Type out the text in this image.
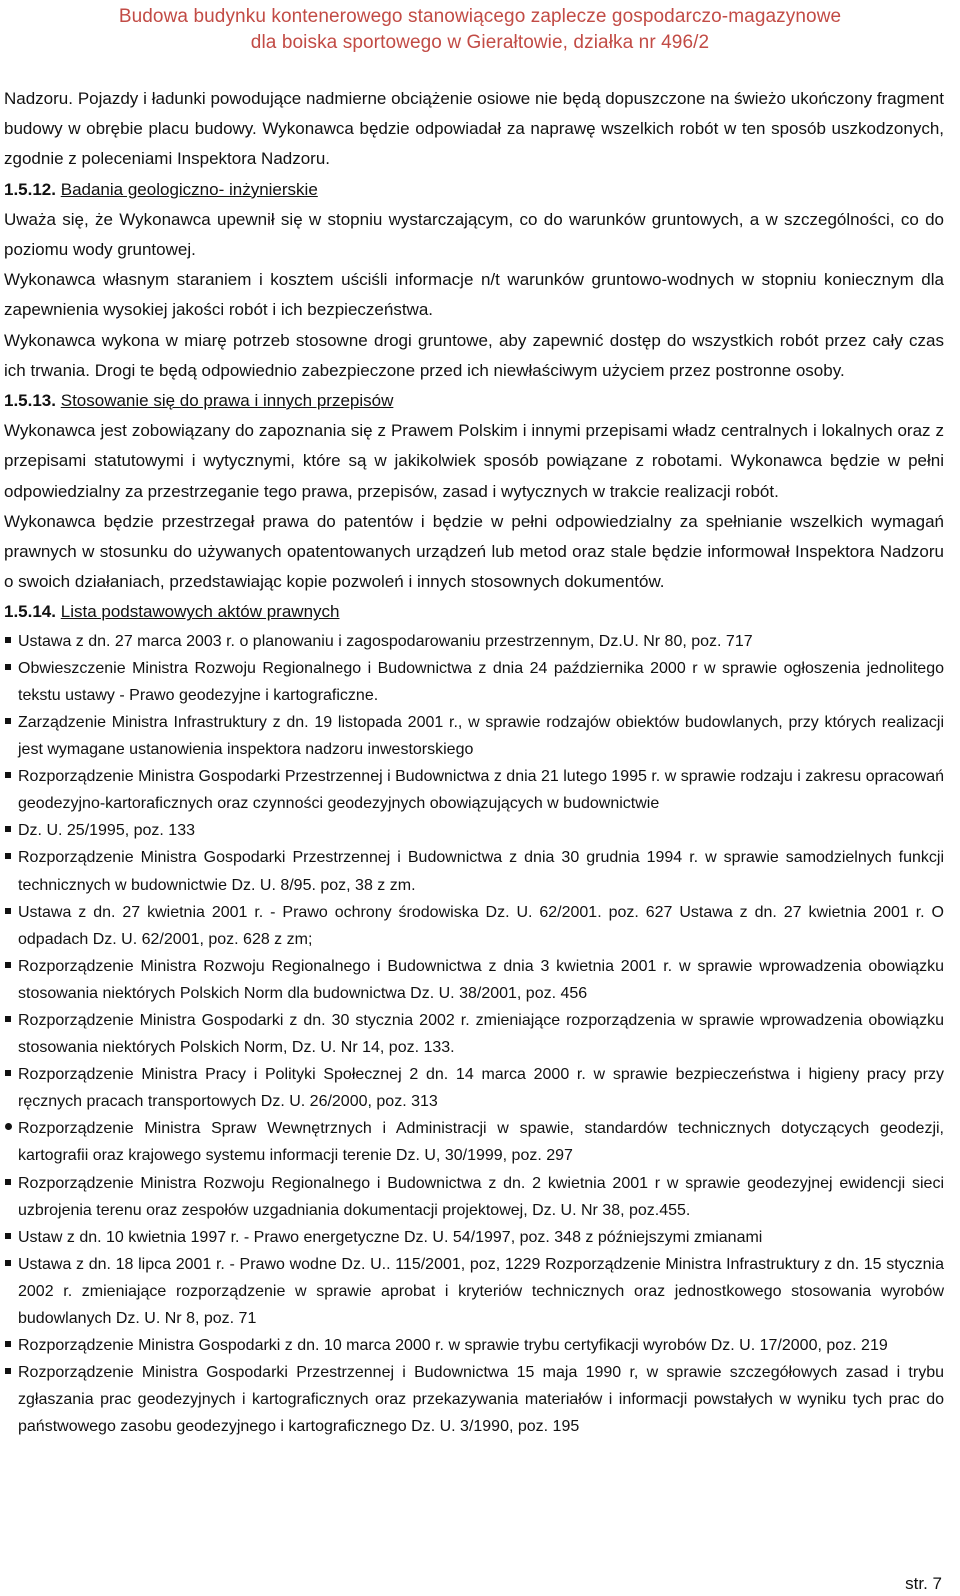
Budowa budynku kontenerowego stanowiącego zaplecze gospodarczo-magazynowe
dla boiska sportowego w Gierałtowie, działka nr 496/2

Nadzoru. Pojazdy i ładunki powodujące nadmierne obciążenie osiowe nie będą dopuszczone na świeżo ukończony fragment budowy w obrębie placu budowy. Wykonawca będzie odpowiadał za naprawę wszelkich robót w ten sposób uszkodzonych, zgodnie z poleceniami Inspektora Nadzoru.

1.5.12. Badania geologiczno- inżynierskie

Uważa się, że Wykonawca upewnił się w stopniu wystarczającym, co do warunków gruntowych, a w szczególności, co do poziomu wody gruntowej.

Wykonawca własnym staraniem i kosztem uściśli informacje n/t warunków gruntowo-wodnych w stopniu koniecznym dla zapewnienia wysokiej jakości robót i ich bezpieczeństwa.

Wykonawca wykona w miarę potrzeb stosowne drogi gruntowe, aby zapewnić dostęp do wszystkich robót przez cały czas ich trwania. Drogi te będą odpowiednio zabezpieczone przed ich niewłaściwym użyciem przez postronne osoby.

1.5.13. Stosowanie się do prawa i innych przepisów

Wykonawca jest zobowiązany do zapoznania się z Prawem Polskim i innymi przepisami władz centralnych i lokalnych oraz z przepisami statutowymi i wytycznymi, które są w jakikolwiek sposób powiązane z robotami. Wykonawca będzie w pełni odpowiedzialny za przestrzeganie tego prawa, przepisów, zasad i wytycznych w trakcie realizacji robót.

Wykonawca będzie przestrzegał prawa do patentów i będzie w pełni odpowiedzialny za spełnianie wszelkich wymagań prawnych w stosunku do używanych opatentowanych urządzeń lub metod oraz stale będzie informował Inspektora Nadzoru o swoich działaniach, przedstawiając kopie pozwoleń i innych stosownych dokumentów.

1.5.14. Lista podstawowych aktów prawnych
Ustawa z dn. 27 marca 2003 r. o planowaniu i zagospodarowaniu przestrzennym, Dz.U. Nr 80, poz. 717
Obwieszczenie Ministra Rozwoju Regionalnego i Budownictwa z dnia 24 października 2000 r w sprawie ogłoszenia jednolitego tekstu ustawy - Prawo geodezyjne i kartograficzne.
Zarządzenie Ministra Infrastruktury z dn. 19 listopada 2001 r., w sprawie rodzajów obiektów budowlanych, przy których realizacji jest wymagane ustanowienia inspektora nadzoru inwestorskiego
Rozporządzenie Ministra Gospodarki Przestrzennej i Budownictwa z dnia 21 lutego 1995 r. w sprawie rodzaju i zakresu opracowań geodezyjno-kartoraficznych oraz czynności geodezyjnych obowiązujących w budownictwie
Dz. U. 25/1995, poz. 133
Rozporządzenie Ministra Gospodarki Przestrzennej i Budownictwa z dnia 30 grudnia 1994 r. w sprawie samodzielnych funkcji technicznych w budownictwie Dz. U. 8/95. poz, 38 z zm.
Ustawa z dn. 27 kwietnia 2001 r. - Prawo ochrony środowiska Dz. U. 62/2001. poz. 627 Ustawa z dn. 27 kwietnia 2001 r. O odpadach Dz. U. 62/2001, poz. 628 z zm;
Rozporządzenie Ministra Rozwoju Regionalnego i Budownictwa z dnia 3 kwietnia 2001 r. w sprawie wprowadzenia obowiązku stosowania niektórych Polskich Norm dla budownictwa Dz. U. 38/2001, poz. 456
Rozporządzenie Ministra Gospodarki z dn. 30 stycznia 2002 r. zmieniające rozporządzenia w sprawie wprowadzenia obowiązku stosowania niektórych Polskich Norm, Dz. U. Nr 14, poz. 133.
Rozporządzenie Ministra Pracy i Polityki Społecznej 2 dn. 14 marca 2000 r. w sprawie bezpieczeństwa i higieny pracy przy ręcznych pracach transportowych Dz. U. 26/2000, poz. 313
Rozporządzenie Ministra Spraw Wewnętrznych i Administracji w spawie, standardów technicznych dotyczących geodezji, kartografii oraz krajowego systemu informacji terenie Dz. U, 30/1999, poz. 297
Rozporządzenie Ministra Rozwoju Regionalnego i Budownictwa z dn. 2 kwietnia 2001 r w sprawie geodezyjnej ewidencji sieci uzbrojenia terenu oraz zespołów uzgadniania dokumentacji projektowej, Dz. U. Nr 38, poz.455.
Ustaw z dn. 10 kwietnia 1997 r. - Prawo energetyczne Dz. U. 54/1997, poz. 348 z późniejszymi zmianami
Ustawa z dn. 18 lipca 2001 r. - Prawo wodne Dz. U.. 115/2001, poz, 1229 Rozporządzenie Ministra Infrastruktury z dn. 15 stycznia 2002 r. zmieniające rozporządzenie w sprawie aprobat i kryteriów technicznych oraz jednostkowego stosowania wyrobów budowlanych Dz. U. Nr 8, poz. 71
Rozporządzenie Ministra Gospodarki z dn. 10 marca 2000 r. w sprawie trybu certyfikacji wyrobów Dz. U. 17/2000, poz. 219
Rozporządzenie Ministra Gospodarki Przestrzennej i Budownictwa 15 maja 1990 r, w sprawie szczegółowych zasad i trybu zgłaszania prac geodezyjnych i kartograficznych oraz przekazywania materiałów i informacji powstałych w wyniku tych prac do państwowego zasobu geodezyjnego i kartograficznego Dz. U. 3/1990, poz. 195
str. 7
